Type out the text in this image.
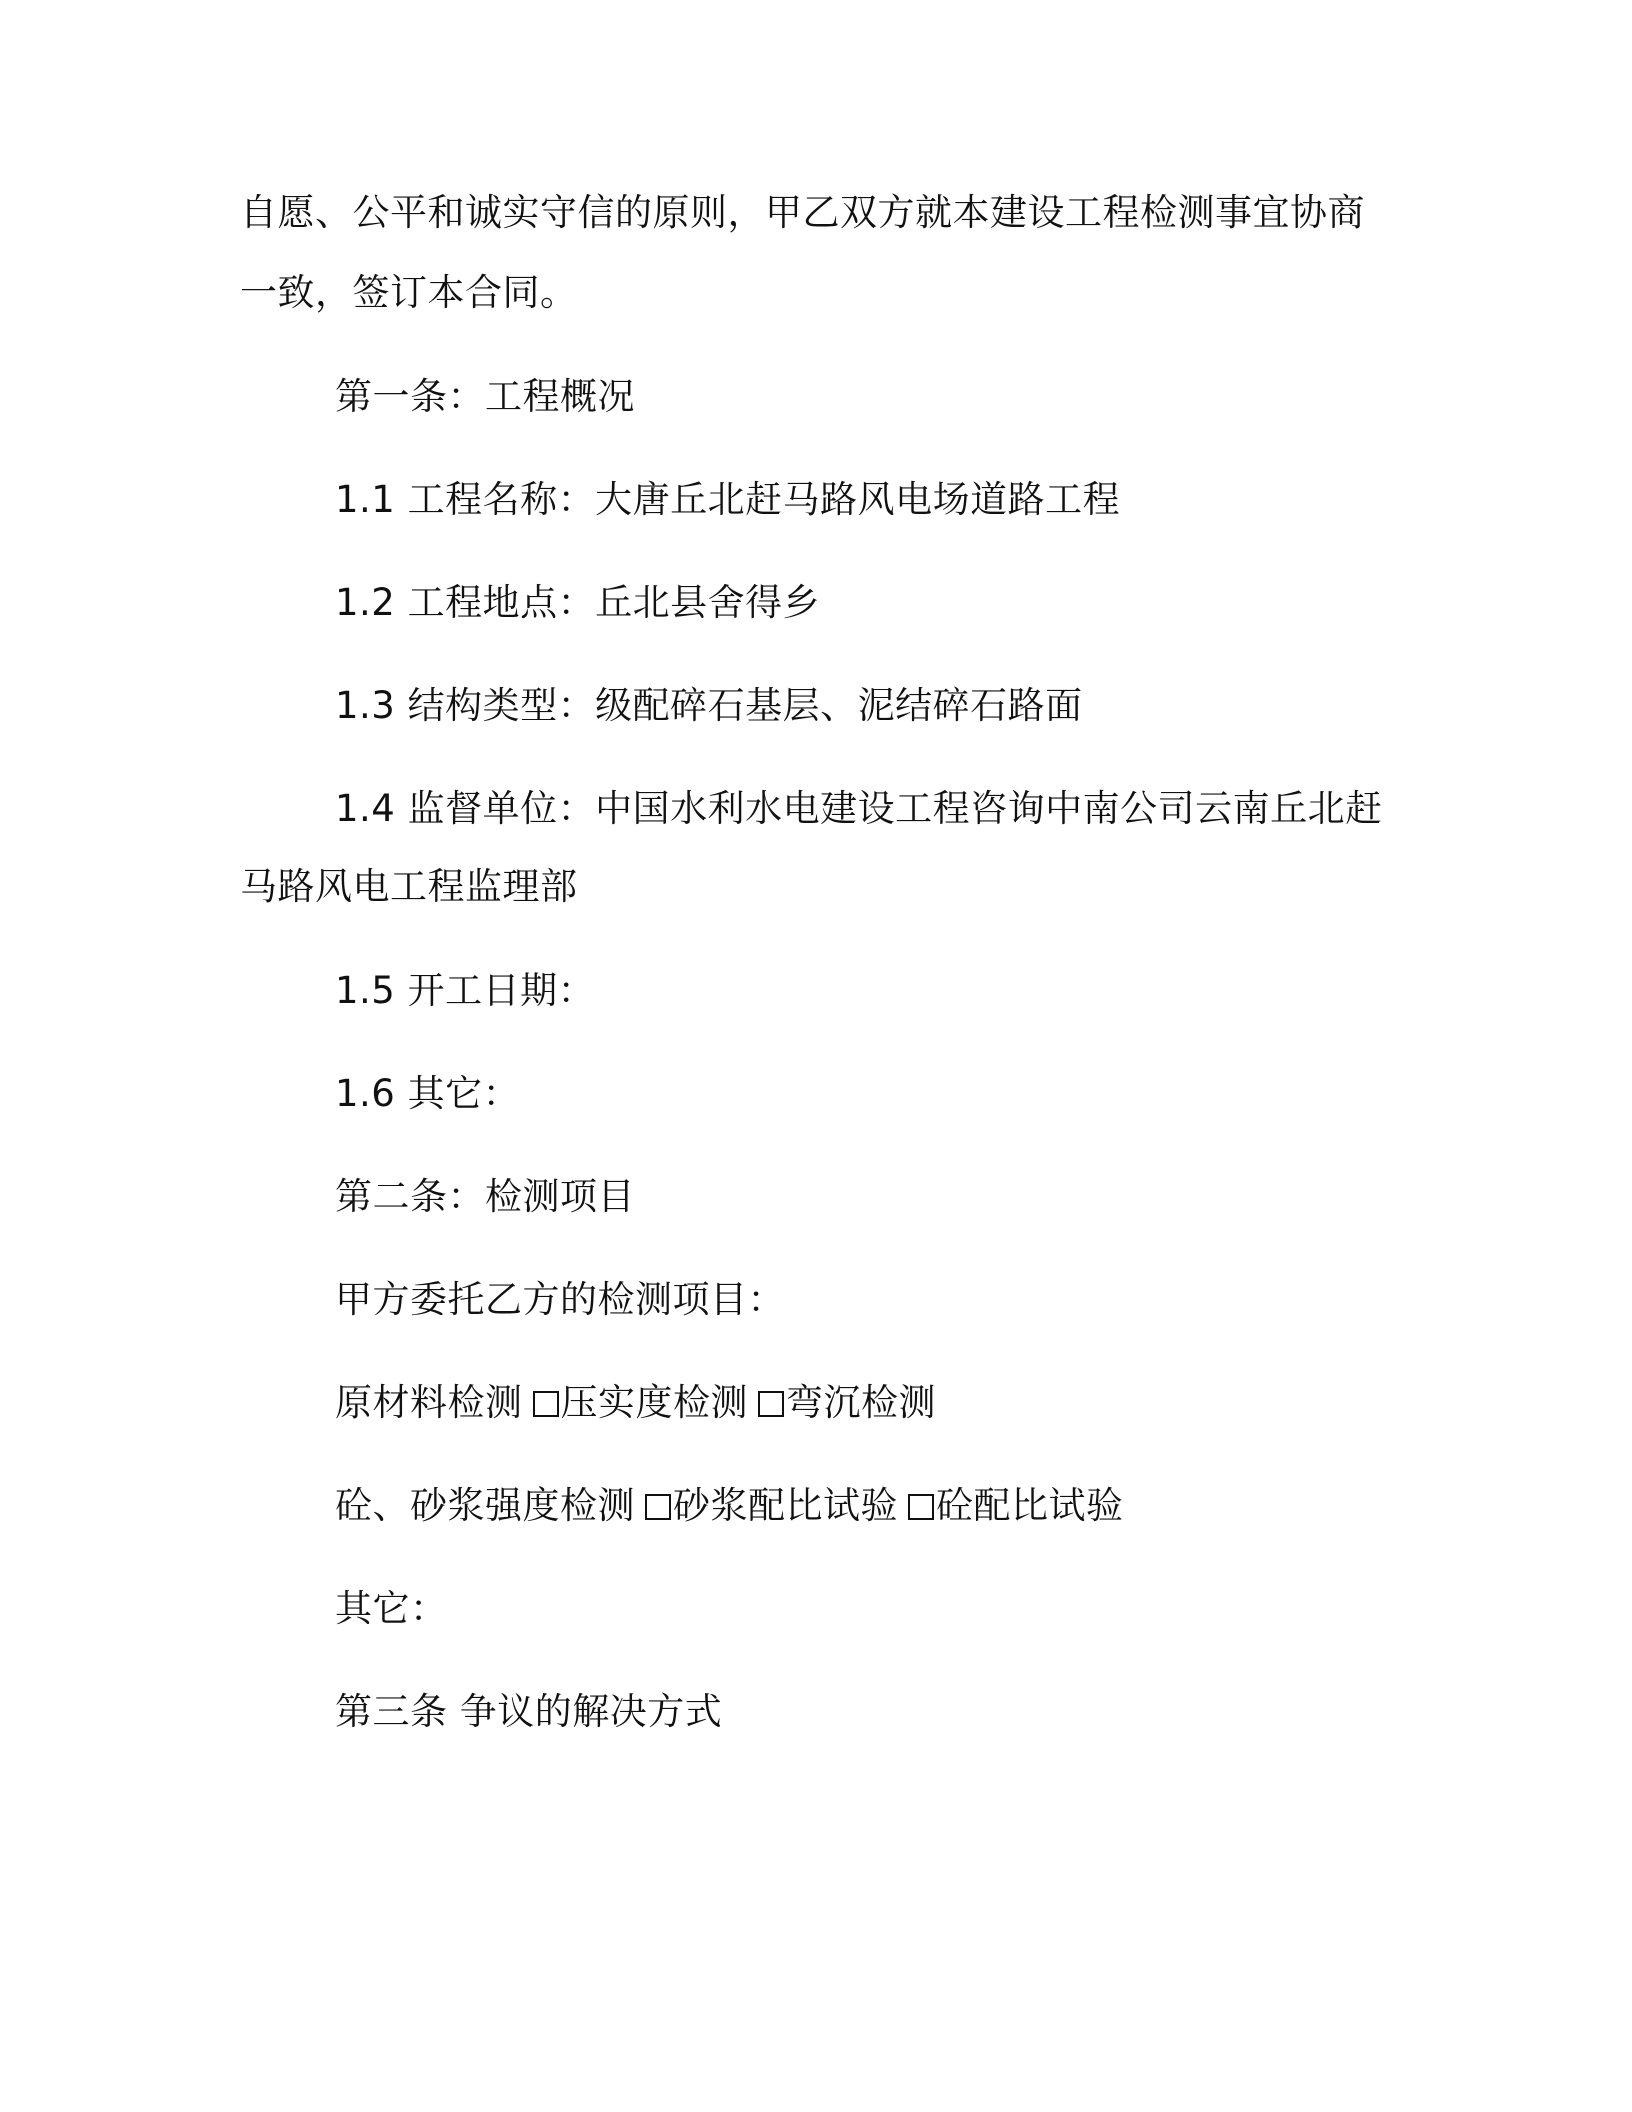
自愿、公平和诚实守信的原则，甲乙双方就本建设工程检测事宜协商
一致，签订本合同。
第一条：工程概况
1.1 工程名称：大唐丘北赶马路风电场道路工程
1.2 工程地点：丘北县舍得乡
1.3 结构类型：级配碎石基层、泥结碎石路面
1.4 监督单位：中国水利水电建设工程咨询中南公司云南丘北赶
马路风电工程监理部
1.5 开工日期：
1.6 其它：
第二条：检测项目
甲方委托乙方的检测项目：
原材料检测 压实度检测 弯沉检测
砼、砂浆强度检测 砂浆配比试验 砼配比试验
其它：
第三条 争议的解决方式
